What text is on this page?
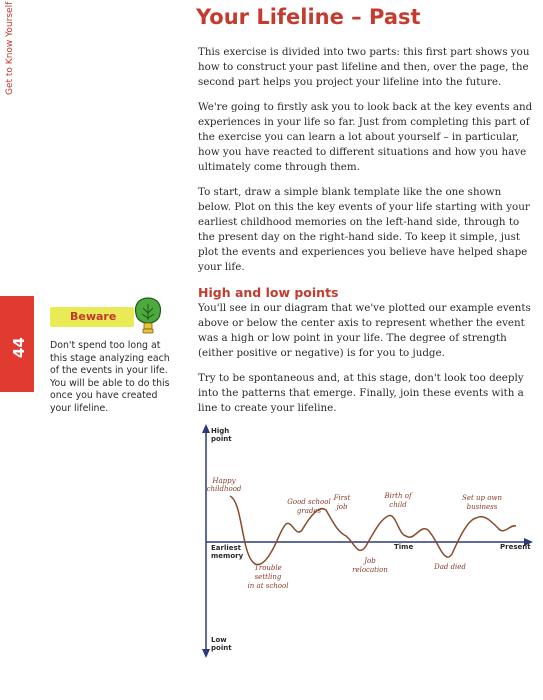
44
Your Lifeline – Past

This exercise is divided into two parts: this first part shows you how to construct your past lifeline and then, over the page, the second part helps you project your lifeline into the future.

We're going to firstly ask you to look back at the key events and experiences in your life so far. Just from completing this part of the exercise you can learn a lot about yourself – in particular, how you have reacted to different situations and how you have ultimately come through them.

To start, draw a simple blank template like the one shown below. Plot on this the key events of your life starting with your earliest childhood memories on the left-hand side, through to the present day on the right-hand side. To keep it simple, just plot the events and experiences you believe have helped shape your life.

High and low points

You'll see in our diagram that we've plotted our example events above or below the center axis to represent whether the event was a high or low point in your life. The degree of strength (either positive or negative) is for you to judge.

Try to be spontaneous and, at this stage, don't look too deeply into the patterns that emerge. Finally, join these events with a line to create your lifeline.

Beware
Don't spend too long at this stage analyzing each of the events in your life. You will be able to do this once you have created your lifeline.
High point
Low point
Earliest memory
Present
Time
Happy childhood
Trouble settling in at school
Good school grades
First job
Job relocation
Birth of child
Dad died
Set up own business
